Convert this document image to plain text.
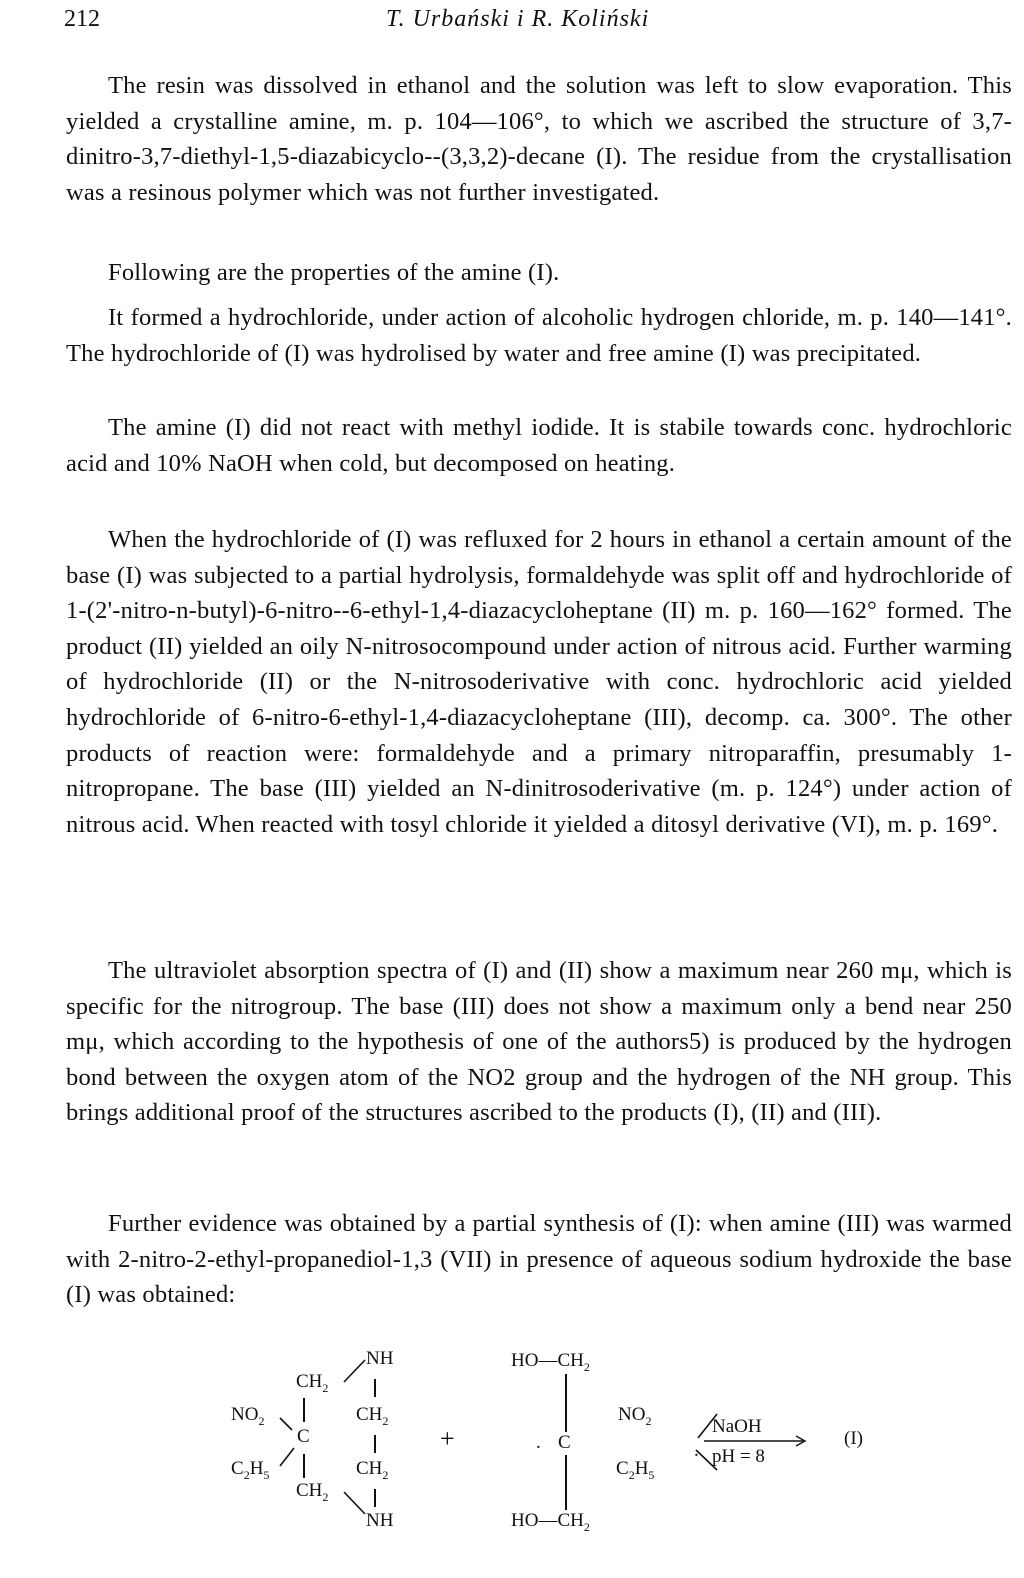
212	T. Urbański i R. Koliński
The resin was dissolved in ethanol and the solution was left to slow evaporation. This yielded a crystalline amine, m. p. 104—106°, to which we ascribed the structure of 3,7-dinitro-3,7-diethyl-1,5-diazabicyclo--(3,3,2)-decane (I). The residue from the crystallisation was a resinous polymer which was not further investigated.
Following are the properties of the amine (I).
It formed a hydrochloride, under action of alcoholic hydrogen chloride, m. p. 140—141°. The hydrochloride of (I) was hydrolised by water and free amine (I) was precipitated.
The amine (I) did not react with methyl iodide. It is stabile towards conc. hydrochloric acid and 10% NaOH when cold, but decomposed on heating.
When the hydrochloride of (I) was refluxed for 2 hours in ethanol a certain amount of the base (I) was subjected to a partial hydrolysis, formaldehyde was split off and hydrochloride of 1-(2'-nitro-n-butyl)-6-nitro--6-ethyl-1,4-diazacycloheptane (II) m. p. 160—162° formed. The product (II) yielded an oily N-nitrosocompound under action of nitrous acid. Further warming of hydrochloride (II) or the N-nitrosoderivative with conc. hydrochloric acid yielded hydrochloride of 6-nitro-6-ethyl-1,4-diazacycloheptane (III), decomp. ca. 300°. The other products of reaction were: formaldehyde and a primary nitroparaffin, presumably 1-nitropropane. The base (III) yielded an N-dinitrosoderivative (m. p. 124°) under action of nitrous acid. When reacted with tosyl chloride it yielded a ditosyl derivative (VI), m. p. 169°.
The ultraviolet absorption spectra of (I) and (II) show a maximum near 260 mμ, which is specific for the nitrogroup. The base (III) does not show a maximum only a bend near 250 mμ, which according to the hypothesis of one of the authors5) is produced by the hydrogen bond between the oxygen atom of the NO2 group and the hydrogen of the NH group. This brings additional proof of the structures ascribed to the products (I), (II) and (III).
Further evidence was obtained by a partial synthesis of (I): when amine (III) was warmed with 2-nitro-2-ethyl-propanediol-1,3 (VII) in presence of aqueous sodium hydroxide the base (I) was obtained:
NH
$CH_2$
$NO_2$	$CH_2$
C
$C_2H_5$	$CH_2$
$CH_2$
NH
+
$HO—CH_2$
. C
$NO_2$
$C_2H_5$
$HO—CH_2$
NaOH
. pH = 8
(I)
